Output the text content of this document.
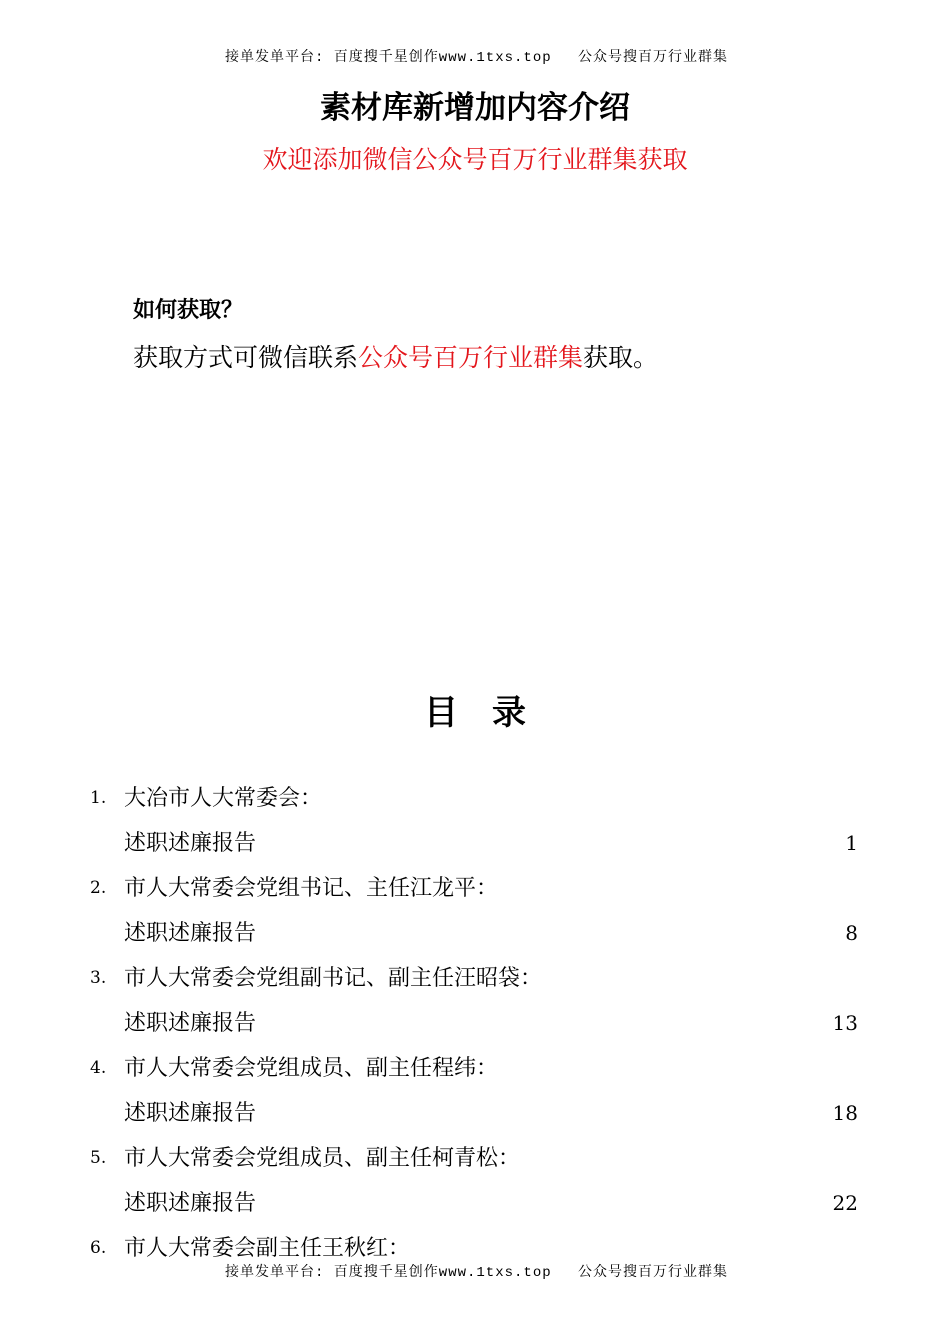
接单发单平台: 百度搜千星创作www.1txs.top 公众号搜百万行业群集
素材库新增加内容介绍
欢迎添加微信公众号百万行业群集获取
如何获取？
获取方式可微信联系公众号百万行业群集获取。
目　录
1. 大冶市人大常委会：
述职述廉报告	1
2. 市人大常委会党组书记、主任江龙平：
述职述廉报告	8
3. 市人大常委会党组副书记、副主任汪昭袋：
述职述廉报告	13
4. 市人大常委会党组成员、副主任程纬：
述职述廉报告	18
5. 市人大常委会党组成员、副主任柯青松：
述职述廉报告	22
6. 市人大常委会副主任王秋红：
接单发单平台: 百度搜千星创作www.1txs.top 公众号搜百万行业群集
